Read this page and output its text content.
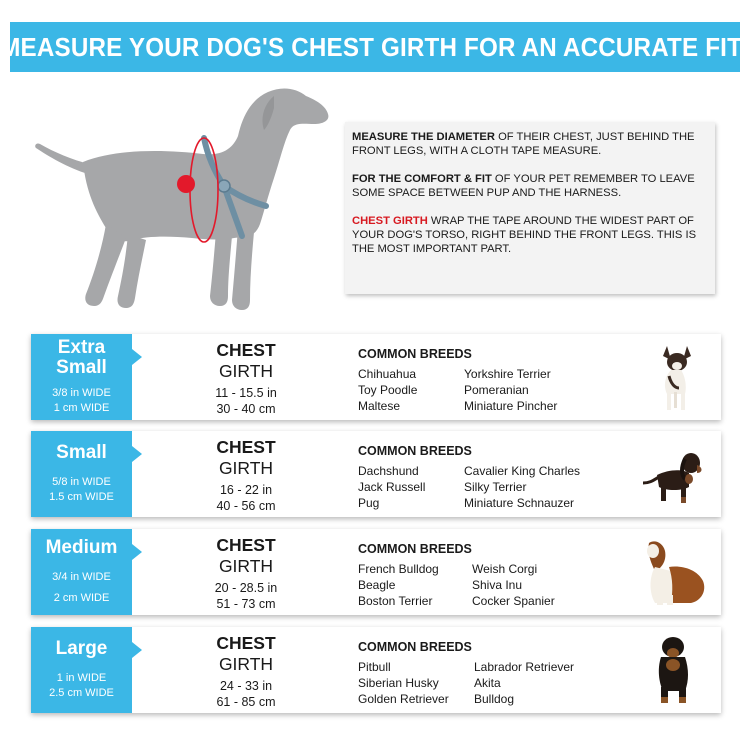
MEASURE YOUR DOG'S CHEST GIRTH FOR AN ACCURATE FIT!

MEASURE THE DIAMETER OF THEIR CHEST, JUST BEHIND THE FRONT LEGS, WITH A CLOTH TAPE MEASURE.

FOR THE COMFORT & FIT OF YOUR PET REMEMBER TO LEAVE SOME SPACE BETWEEN PUP AND THE HARNESS.

CHEST GIRTH WRAP THE TAPE AROUND THE WIDEST PART OF YOUR DOG'S TORSO, RIGHT BEHIND THE FRONT LEGS. THIS IS THE MOST IMPORTANT PART.

Extra
Small
3/8 in WIDE
1 cm WIDE
CHEST
GIRTH
11 - 15.5 in
30 - 40 cm
COMMON BREEDS
Chihuahua	Yorkshire Terrier
Toy Poodle	Pomeranian
Maltese	Miniature Pincher
Small
5/8 in WIDE
1.5 cm WIDE
CHEST
GIRTH
16 - 22 in
40 - 56 cm
COMMON BREEDS
Dachshund	Cavalier King Charles
Jack Russell	Silky Terrier
Pug	Miniature Schnauzer
Medium
3/4 in WIDE
2 cm WIDE
CHEST
GIRTH
20 - 28.5 in
51 - 73 cm
COMMON BREEDS
French Bulldog	Weish Corgi
Beagle	Shiva Inu
Boston Terrier	Cocker Spanier
Large
1 in WIDE
2.5 cm WIDE
CHEST
GIRTH
24 - 33 in
61 - 85 cm
COMMON BREEDS
Pitbull	Labrador Retriever
Siberian Husky	Akita
Golden Retriever	Bulldog
